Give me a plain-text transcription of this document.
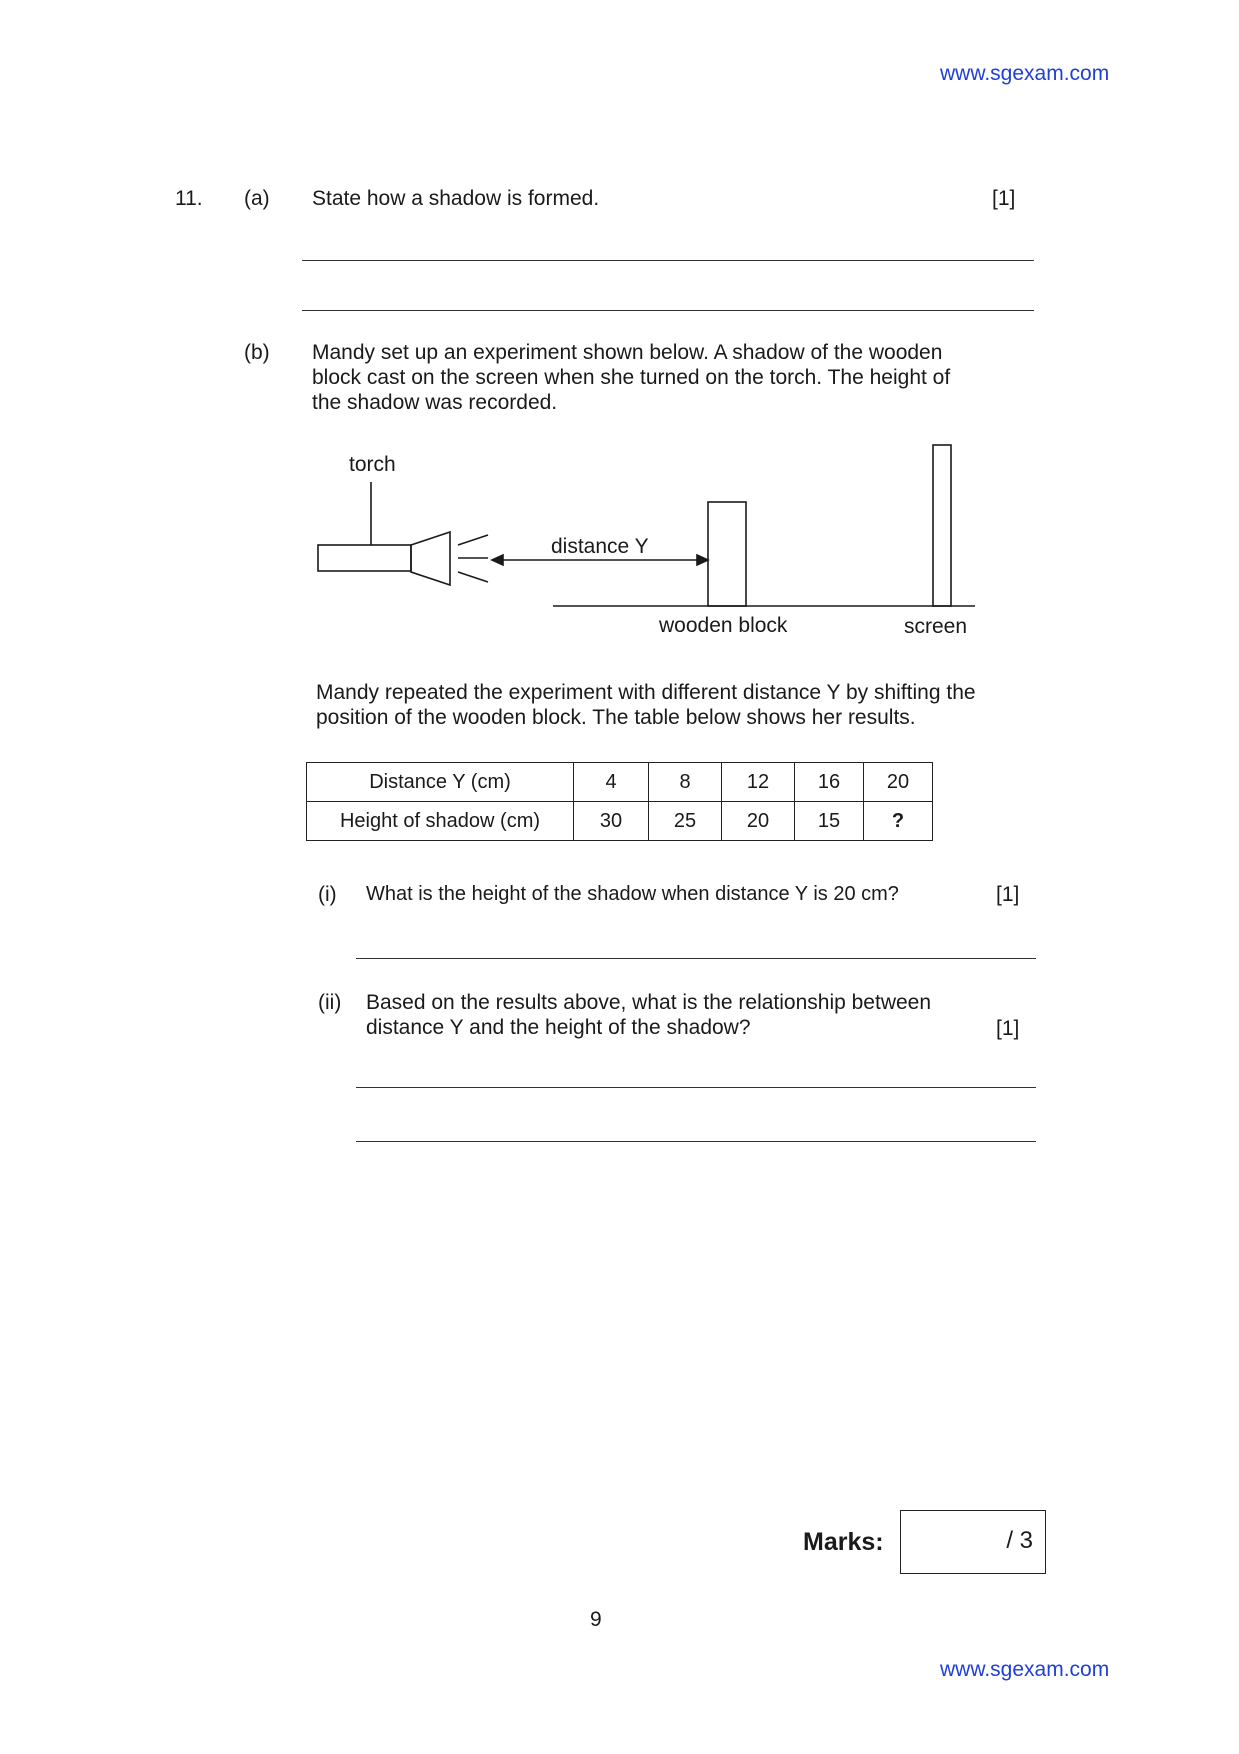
www.sgexam.com
11. (a) State how a shadow is formed.	[1]
(b) Mandy set up an experiment shown below. A shadow of the wooden
block cast on the screen when she turned on the torch. The height of
the shadow was recorded.
torch
distance Y
wooden block	screen
Mandy repeated the experiment with different distance Y by shifting the
position of the wooden block. The table below shows her results.
Distance Y (cm)	4	8	12	16	20
Height of shadow (cm)	30	25	20	15	?
(i) What is the height of the shadow when distance Y is 20 cm?	[1]
(ii) Based on the results above, what is the relationship between
distance Y and the height of the shadow?	[1]
Marks:	/ 3
9
www.sgexam.com
